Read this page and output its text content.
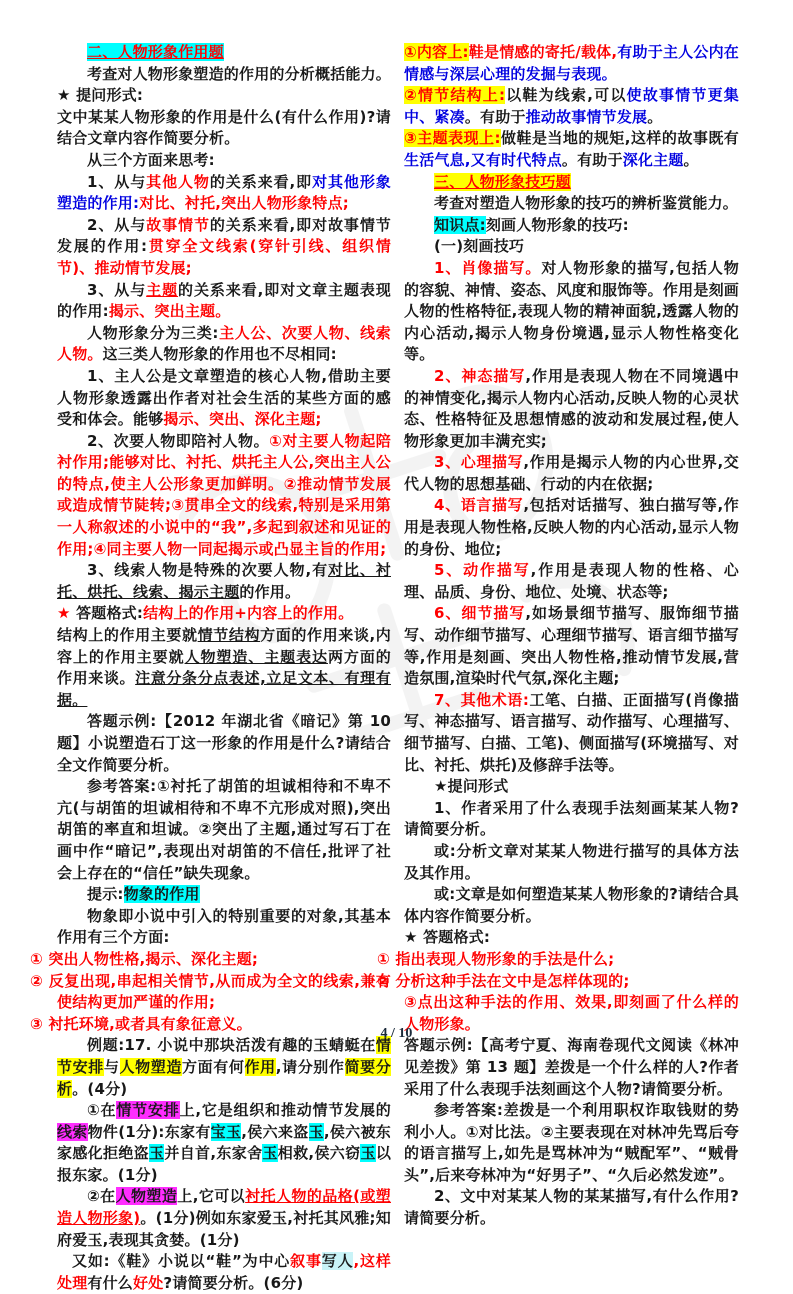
二、人物形象作用题

考查对人物形象塑造的作用的分析概括能力。

★ 提问形式:

文中某某人物形象的作用是什么(有什么作用)?请结合文章内容作简要分析。

从三个方面来思考:

1、从与其他人物的关系来看,即对其他形象塑造的作用:对比、衬托,突出人物形象特点;

2、从与故事情节的关系来看,即对故事情节发展的作用:贯穿全文线索(穿针引线、组织情节)、推动情节发展;

3、从与主题的关系来看,即对文章主题表现的作用:揭示、突出主题。

人物形象分为三类:主人公、次要人物、线索人物。这三类人物形象的作用也不尽相同:

1、主人公是文章塑造的核心人物,借助主要人物形象透露出作者对社会生活的某些方面的感受和体会。能够揭示、突出、深化主题;

2、次要人物即陪衬人物。①对主要人物起陪衬作用;能够对比、衬托、烘托主人公,突出主人公的特点,使主人公形象更加鲜明。②推动情节发展或造成情节陡转;③贯串全文的线索,特别是采用第一人称叙述的小说中的“我”,多起到叙述和见证的作用;④同主要人物一同起揭示或凸显主旨的作用;

3、线索人物是特殊的次要人物,有对比、衬托、烘托、线索、揭示主题的作用。

★ 答题格式:结构上的作用+内容上的作用。

结构上的作用主要就情节结构方面的作用来谈,内容上的作用主要就人物塑造、主题表达两方面的作用来谈。注意分条分点表述,立足文本、有理有据。

答题示例:【2012 年湖北省《暗记》第 10 题】小说塑造石丁这一形象的作用是什么?请结合全文作简要分析。

参考答案:①衬托了胡笛的坦诚相待和不卑不亢(与胡笛的坦诚相待和不卑不亢形成对照),突出胡笛的率直和坦诚。②突出了主题,通过写石丁在画中作“暗记”,表现出对胡笛的不信任,批评了社会上存在的“信任”缺失现象。

提示:物象的作用

物象即小说中引入的特别重要的对象,其基本作用有三个方面:

① 突出人物性格,揭示、深化主题;

② 反复出现,串起相关情节,从而成为全文的线索,兼有使结构更加严谨的作用;

③ 衬托环境,或者具有象征意义。

例题:17. 小说中那块活泼有趣的玉蜻蜓在情节安排与人物塑造方面有何作用,请分别作简要分析。(4分)

①在情节安排上,它是组织和推动情节发展的线索物件(1分):东家有宝玉,侯六来盗玉,侯六被东家感化拒绝盗玉并自首,东家舍玉相救,侯六窃玉以报东家。(1分)

②在人物塑造上,它可以衬托人物的品格(或塑造人物形象)。(1分)例如东家爱玉,衬托其风雅;知府爱玉,表现其贪婪。(1分)

又如:《鞋》小说以“鞋”为中心叙事写人,这样处理有什么好处?请简要分析。(6分)

①内容上:鞋是情感的寄托/载体,有助于主人公内在情感与深层心理的发掘与表现。

②情节结构上:以鞋为线索,可以使故事情节更集中、紧凑。有助于推动故事情节发展。

③主题表现上:做鞋是当地的规矩,这样的故事既有生活气息,又有时代特点。有助于深化主题。

三、人物形象技巧题

考查对塑造人物形象的技巧的辨析鉴赏能力。

知识点:刻画人物形象的技巧:

(一)刻画技巧

1、肖像描写。对人物形象的描写,包括人物的容貌、神情、姿态、风度和服饰等。作用是刻画人物的性格特征,表现人物的精神面貌,透露人物的内心活动,揭示人物身份境遇,显示人物性格变化等。

2、神态描写,作用是表现人物在不同境遇中的神情变化,揭示人物内心活动,反映人物的心灵状态、性格特征及思想情感的波动和发展过程,使人物形象更加丰满充实;

3、心理描写,作用是揭示人物的内心世界,交代人物的思想基础、行动的内在依据;

4、语言描写,包括对话描写、独白描写等,作用是表现人物性格,反映人物的内心活动,显示人物的身份、地位;

5、动作描写,作用是表现人物的性格、心理、品质、身份、地位、处境、状态等;

6、细节描写,如场景细节描写、服饰细节描写、动作细节描写、心理细节描写、语言细节描写等,作用是刻画、突出人物性格,推动情节发展,营造氛围,渲染时代气氛,深化主题;

7、其他术语:工笔、白描、正面描写(肖像描写、神态描写、语言描写、动作描写、心理描写、细节描写、白描、工笔)、侧面描写(环境描写、对比、衬托、烘托)及修辞手法等。

★提问形式

1、作者采用了什么表现手法刻画某某人物?请简要分析。

或:分析文章对某某人物进行描写的具体方法及其作用。

或:文章是如何塑造某某人物形象的?请结合具体内容作简要分析。

★ 答题格式:

① 指出表现人物形象的手法是什么;

② 分析这种手法在文中是怎样体现的;

③点出这种手法的作用、效果,即刻画了什么样的人物形象。

答题示例:【高考宁夏、海南卷现代文阅读《林冲见差拨》第 13 题】差拨是一个什么样的人?作者采用了什么表现手法刻画这个人物?请简要分析。

参考答案:差拨是一个利用职权诈取钱财的势利小人。①对比法。②主要表现在对林冲先骂后夸的语言描写上,如先是骂林冲为“贼配军”、“贼骨头”,后来夸林冲为“好男子”、“久后必然发迹”。

2、文中对某某人物的某某描写,有什么作用?请简要分析。

4 / 10
